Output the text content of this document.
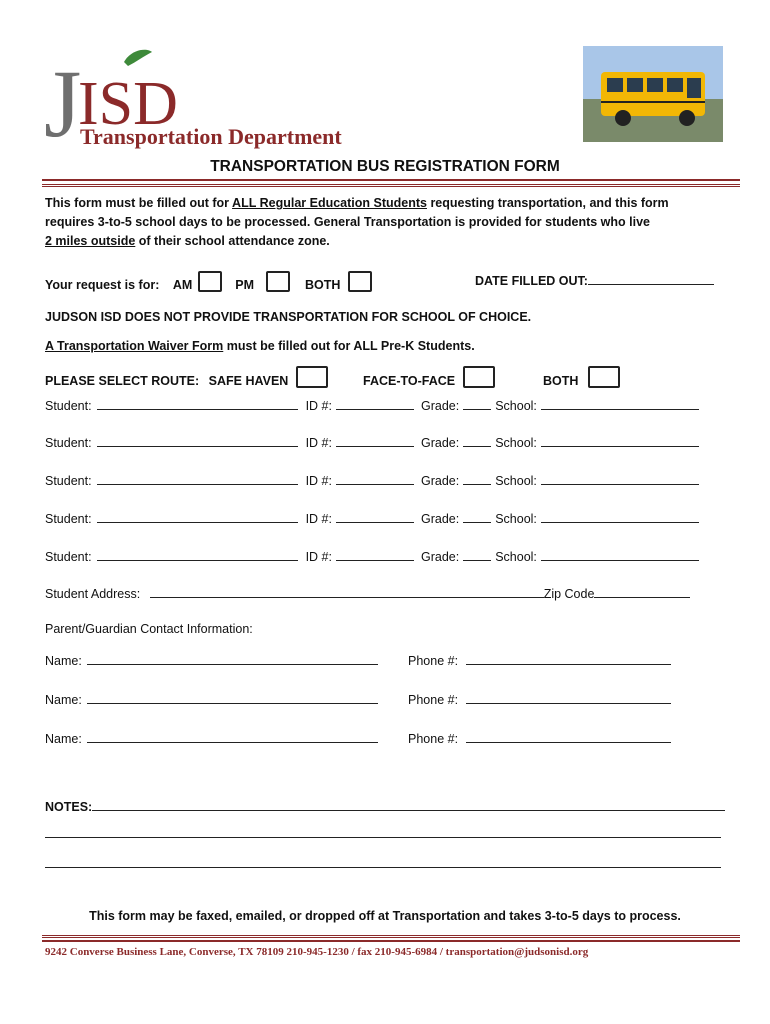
J
ISD
Transportation Department
TRANSPORTATION BUS REGISTRATION FORM
This form must be filled out for ALL Regular Education Students requesting transportation, and this form
requires 3-to-5 school days to be processed. General Transportation is provided for students who live
2 miles outside of their school attendance zone.
Your request is for: AM	PM	BOTH	DATE FILLED OUT:
JUDSON ISD DOES NOT PROVIDE TRANSPORTATION FOR SCHOOL OF CHOICE.
A Transportation Waiver Form must be filled out for ALL Pre-K Students.
PLEASE SELECT ROUTE: SAFE HAVEN	FACE-TO-FACE	BOTH
Student:	ID #:	Grade:	School:
Student:	ID #:	Grade:	School:
Student:	ID #:	Grade:	School:
Student:	ID #:	Grade:	School:
Student:	ID #:	Grade:	School:
Student Address:	Zip Code
Parent/Guardian Contact Information:
Name:	Phone #:
Name:	Phone #:
Name:	Phone #:
NOTES:
This form may be faxed, emailed, or dropped off at Transportation and takes 3-to-5 days to process.
9242 Converse Business Lane, Converse, TX 78109 210-945-1230 / fax 210-945-6984 / transportation@judsonisd.org
